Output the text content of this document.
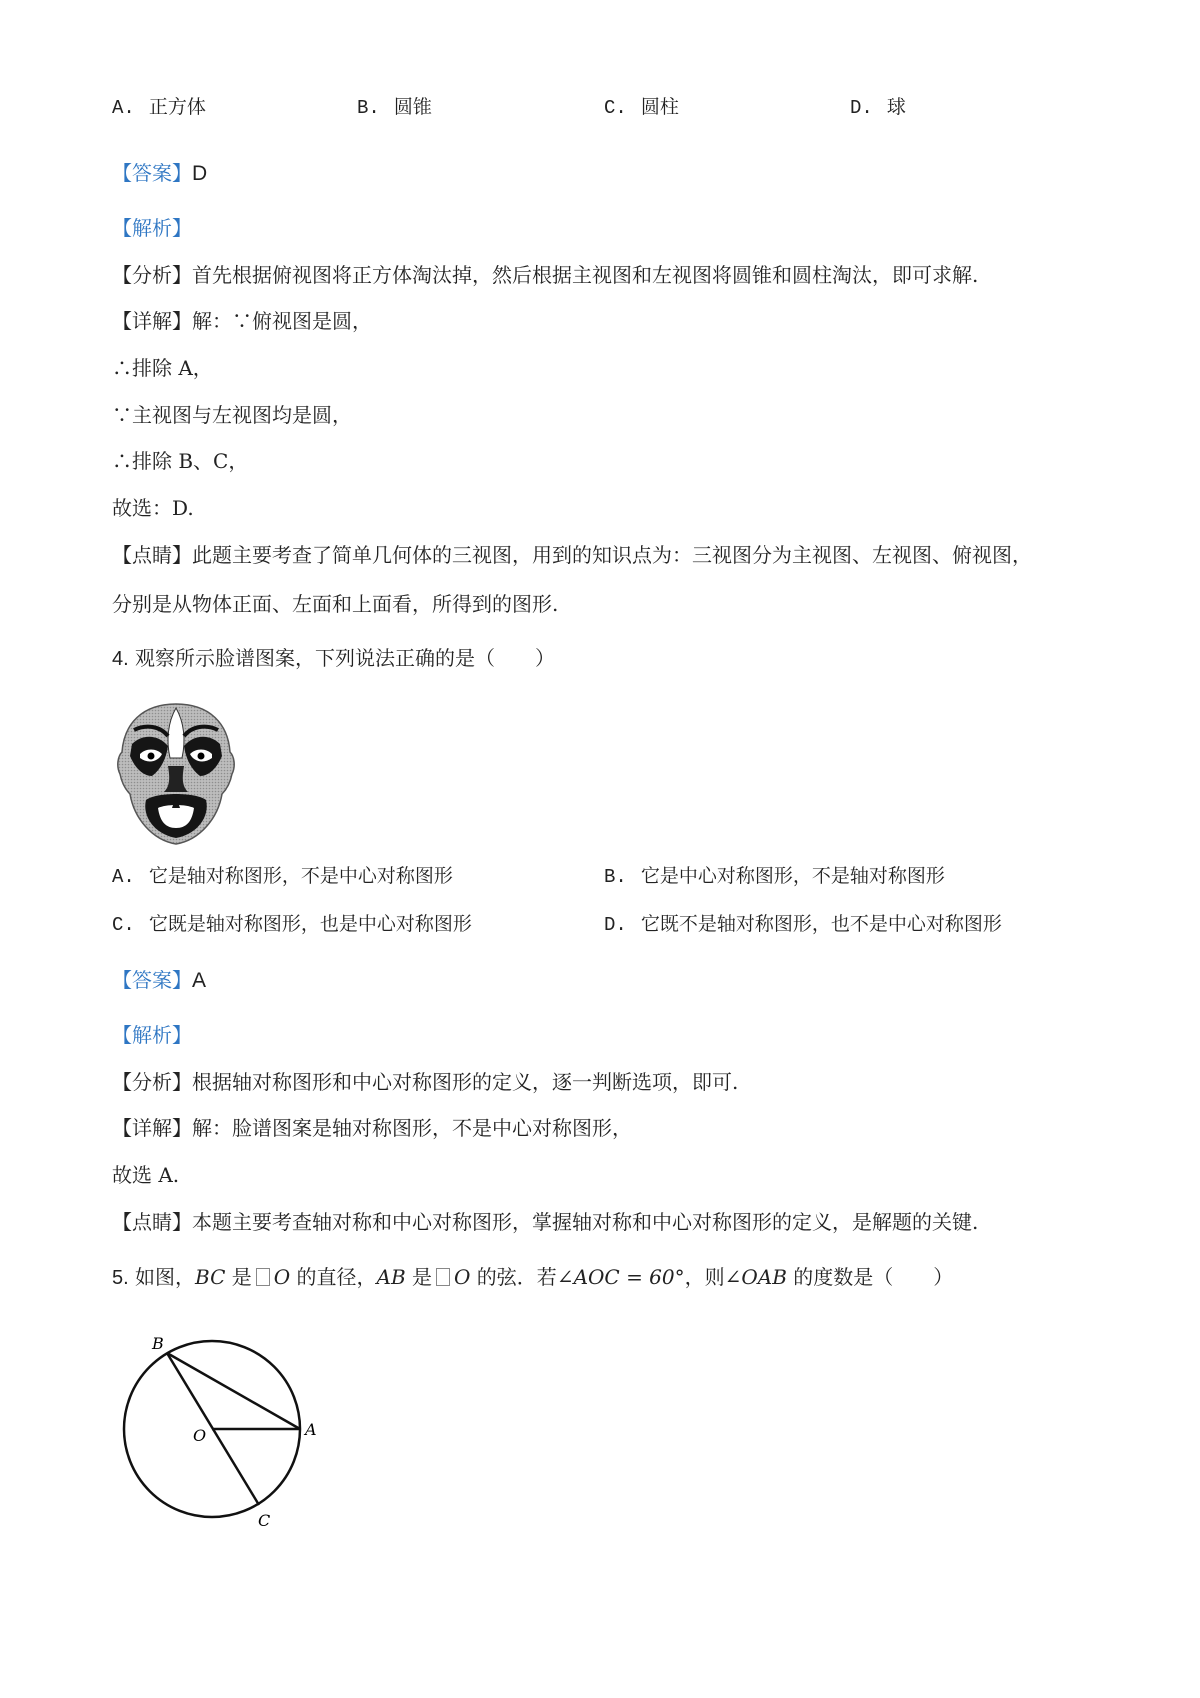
A. 正方体	B. 圆锥	C. 圆柱	D. 球
【答案】D
【解析】
【分析】首先根据俯视图将正方体淘汰掉，然后根据主视图和左视图将圆锥和圆柱淘汰，即可求解.
【详解】解：∵俯视图是圆，
∴排除 A，
∵主视图与左视图均是圆，
∴排除 B、C，
故选：D.
【点睛】此题主要考查了简单几何体的三视图，用到的知识点为：三视图分为主视图、左视图、俯视图，
分别是从物体正面、左面和上面看，所得到的图形.
4. 观察所示脸谱图案，下列说法正确的是（　　）
A. 它是轴对称图形，不是中心对称图形	B. 它是中心对称图形，不是轴对称图形
C. 它既是轴对称图形，也是中心对称图形	D. 它既不是轴对称图形，也不是中心对称图形
【答案】A
【解析】
【分析】根据轴对称图形和中心对称图形的定义，逐一判断选项，即可.
【详解】解：脸谱图案是轴对称图形，不是中心对称图形，
故选 A.
【点睛】本题主要考查轴对称和中心对称图形，掌握轴对称和中心对称图形的定义，是解题的关键.
5. 如图，BC 是 O 的直径，AB 是 O 的弦．若∠AOC = 60°，则∠OAB 的度数是（　　）
B
O	A
C
